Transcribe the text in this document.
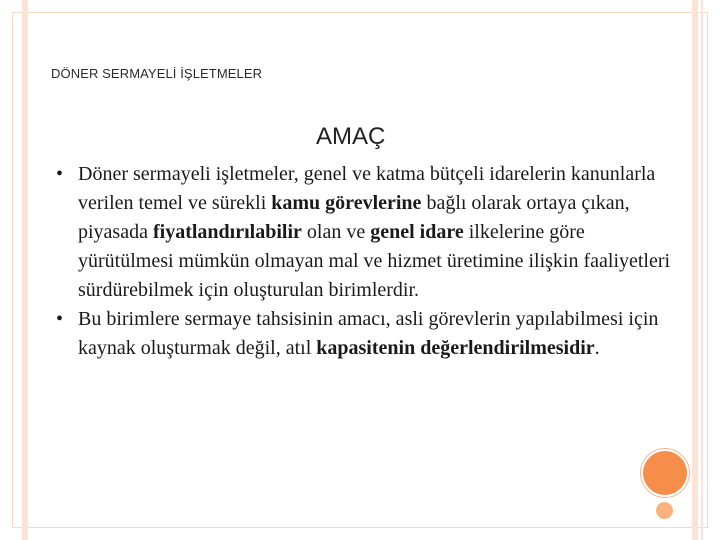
DÖNER SERMAYELİ İŞLETMELER
AMAÇ
• Döner sermayeli işletmeler, genel ve katma bütçeli idarelerin kanunlarla verilen temel ve sürekli kamu görevlerine bağlı olarak ortaya çıkan, piyasada fiyatlandırılabilir olan ve genel idare ilkelerine göre yürütülmesi mümkün olmayan mal ve hizmet üretimine ilişkin faaliyetleri sürdürebilmek için oluşturulan birimlerdir.
• Bu birimlere sermaye tahsisinin amacı, asli görevlerin yapılabilmesi için kaynak oluşturmak değil, atıl kapasitenin değerlendirilmesidir.
